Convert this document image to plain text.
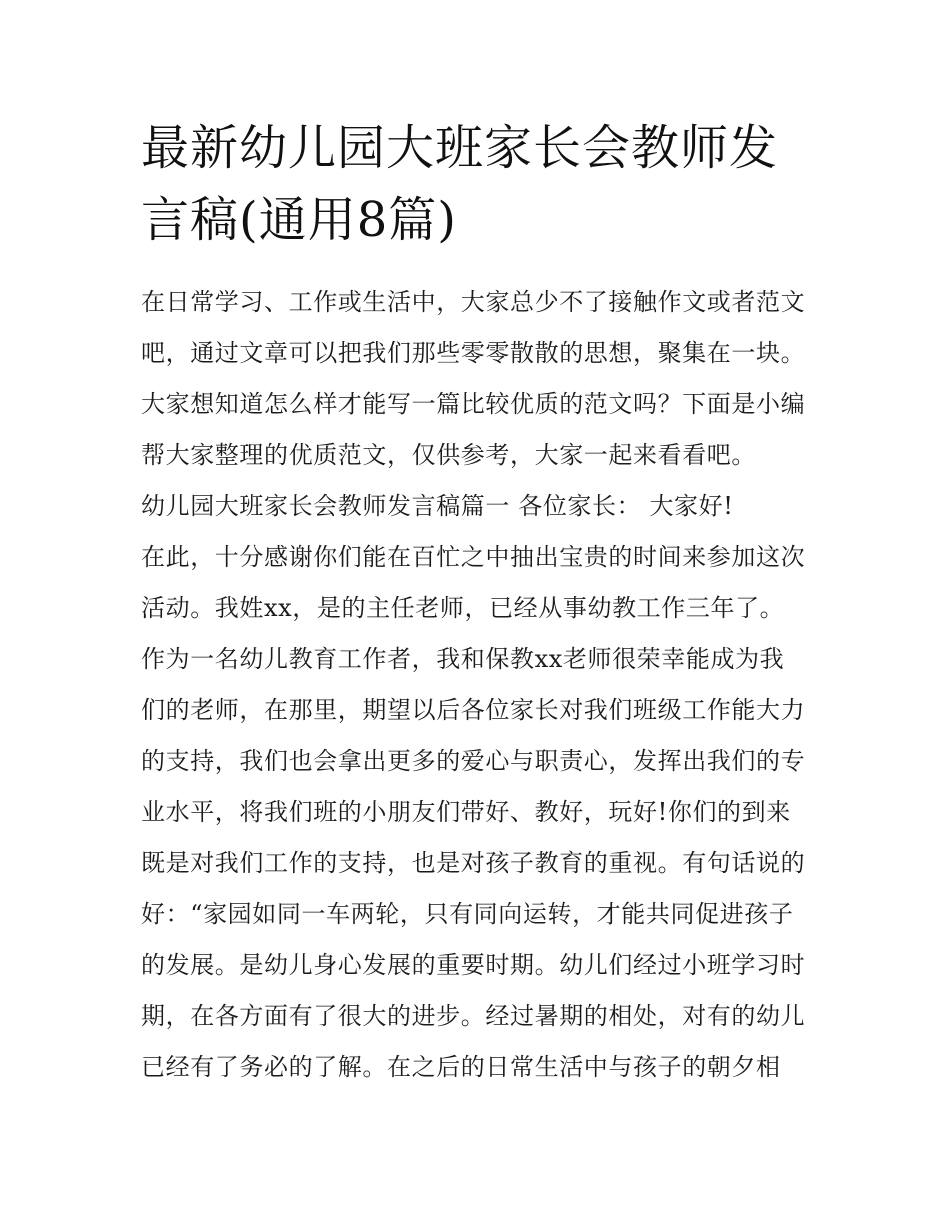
最新幼儿园大班家长会教师发
言稿(通用8篇)

在日常学习、工作或生活中，大家总少不了接触作文或者范文

吧，通过文章可以把我们那些零零散散的思想，聚集在一块。

大家想知道怎么样才能写一篇比较优质的范文吗？下面是小编

帮大家整理的优质范文，仅供参考，大家一起来看看吧。

幼儿园大班家长会教师发言稿篇一 各位家长： 大家好!

在此，十分感谢你们能在百忙之中抽出宝贵的时间来参加这次

活动。我姓xx，是的主任老师，已经从事幼教工作三年了。

作为一名幼儿教育工作者，我和保教xx老师很荣幸能成为我

们的老师，在那里，期望以后各位家长对我们班级工作能大力

的支持，我们也会拿出更多的爱心与职责心，发挥出我们的专

业水平，将我们班的小朋友们带好、教好，玩好!你们的到来

既是对我们工作的支持，也是对孩子教育的重视。有句话说的

好：“家园如同一车两轮，只有同向运转，才能共同促进孩子

的发展。是幼儿身心发展的重要时期。幼儿们经过小班学习时

期，在各方面有了很大的进步。经过暑期的相处，对有的幼儿

已经有了务必的了解。在之后的日常生活中与孩子的朝夕相
